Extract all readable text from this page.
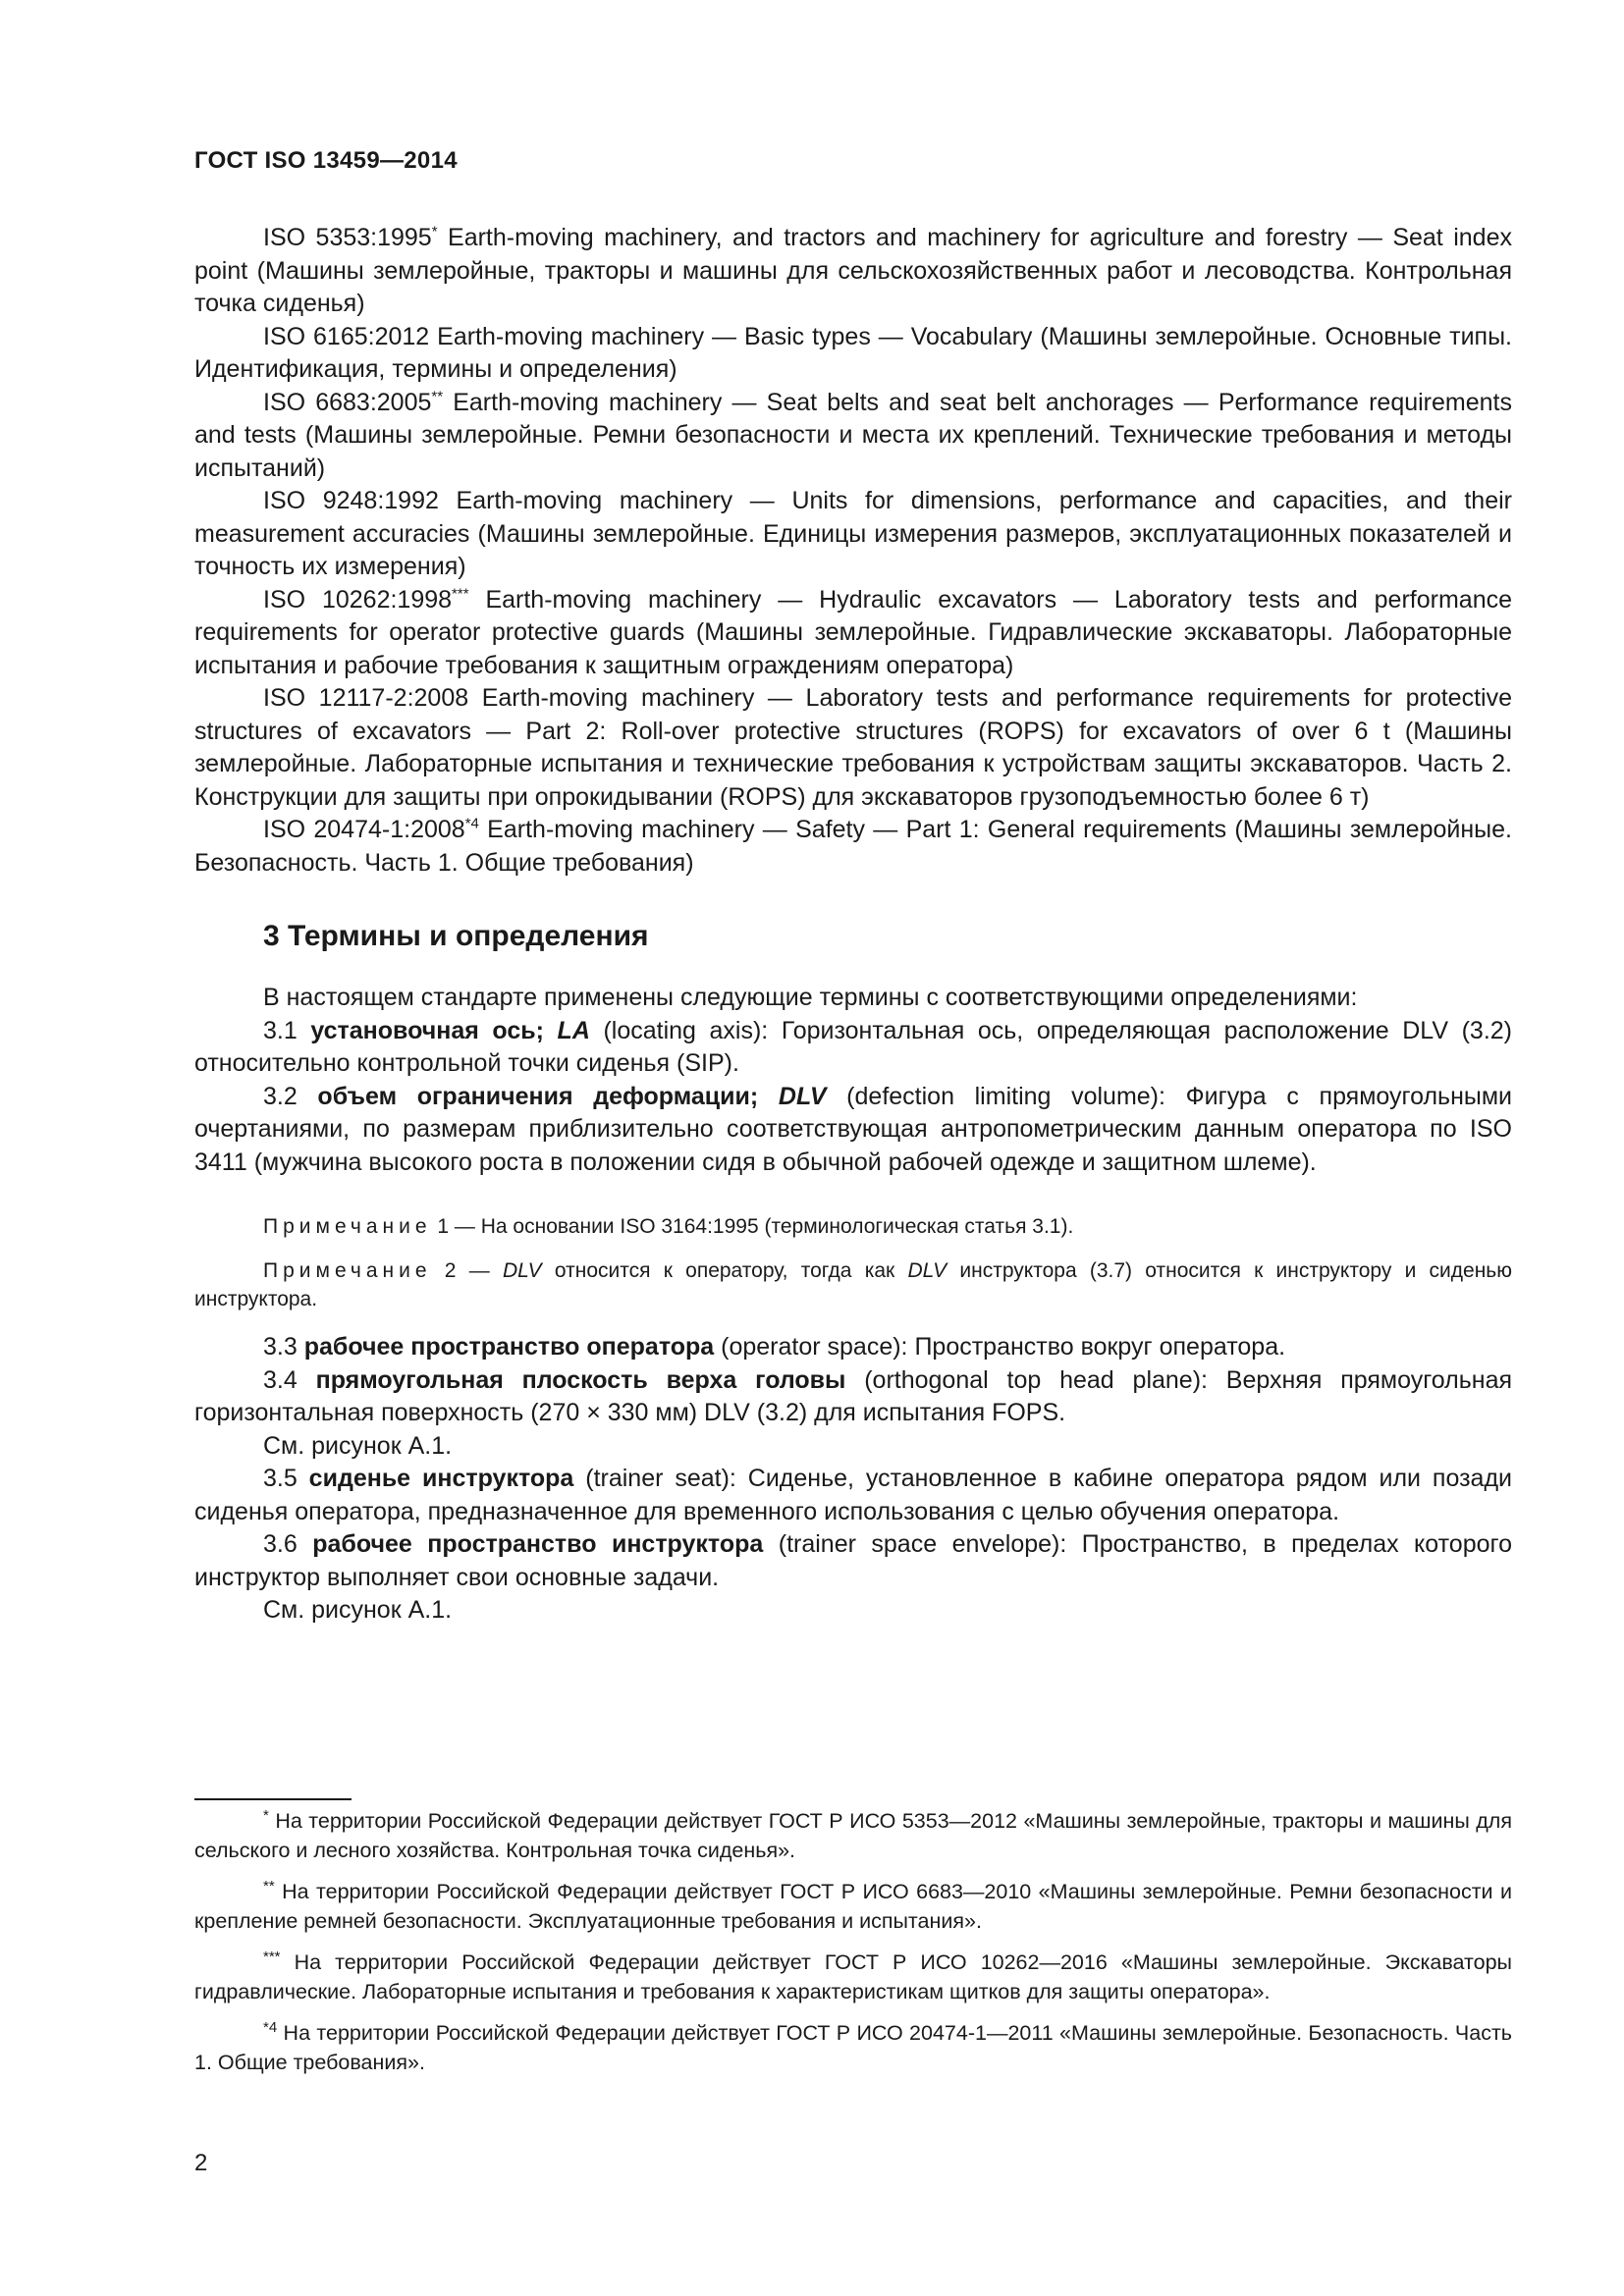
ГОСТ ISO 13459—2014

ISO 5353:1995* Earth-moving machinery, and tractors and machinery for agriculture and forestry — Seat index point (Машины землеройные, тракторы и машины для сельскохозяйственных работ и лесоводства. Контрольная точка сиденья)

ISO 6165:2012 Earth-moving machinery — Basic types — Vocabulary (Машины землеройные. Основные типы. Идентификация, термины и определения)

ISO 6683:2005** Earth-moving machinery — Seat belts and seat belt anchorages — Performance requirements and tests (Машины землеройные. Ремни безопасности и места их креплений. Технические требования и методы испытаний)

ISO 9248:1992 Earth-moving machinery — Units for dimensions, performance and capacities, and their measurement accuracies (Машины землеройные. Единицы измерения размеров, эксплуатационных показателей и точность их измерения)

ISO 10262:1998*** Earth-moving machinery — Hydraulic excavators — Laboratory tests and performance requirements for operator protective guards (Машины землеройные. Гидравлические экскаваторы. Лабораторные испытания и рабочие требования к защитным ограждениям оператора)

ISO 12117-2:2008 Earth-moving machinery — Laboratory tests and performance requirements for protective structures of excavators — Part 2: Roll-over protective structures (ROPS) for excavators of over 6 t (Машины землеройные. Лабораторные испытания и технические требования к устройствам защиты экскаваторов. Часть 2. Конструкции для защиты при опрокидывании (ROPS) для экскаваторов грузоподъемностью более 6 т)

ISO 20474-1:2008$^{*4}$ Earth-moving machinery — Safety — Part 1: General requirements (Машины землеройные. Безопасность. Часть 1. Общие требования)

3 Термины и определения

В настоящем стандарте применены следующие термины с соответствующими определениями:

3.1 установочная ось; LA (locating axis): Горизонтальная ось, определяющая расположение DLV (3.2) относительно контрольной точки сиденья (SIP).

3.2 объем ограничения деформации; DLV (defection limiting volume): Фигура с прямоугольными очертаниями, по размерам приблизительно соответствующая антропометрическим данным оператора по ISO 3411 (мужчина высокого роста в положении сидя в обычной рабочей одежде и защитном шлеме).

Примечание 1 — На основании ISO 3164:1995 (терминологическая статья 3.1).

Примечание 2 — DLV относится к оператору, тогда как DLV инструктора (3.7) относится к инструктору и сиденью инструктора.

3.3 рабочее пространство оператора (operator space): Пространство вокруг оператора.

3.4 прямоугольная плоскость верха головы (orthogonal top head plane): Верхняя прямоугольная горизонтальная поверхность (270 × 330 мм) DLV (3.2) для испытания FOPS.

См. рисунок А.1.

3.5 сиденье инструктора (trainer seat): Сиденье, установленное в кабине оператора рядом или позади сиденья оператора, предназначенное для временного использования с целью обучения оператора.

3.6 рабочее пространство инструктора (trainer space envelope): Пространство, в пределах которого инструктор выполняет свои основные задачи.

См. рисунок А.1.

* На территории Российской Федерации действует ГОСТ Р ИСО 5353—2012 «Машины землеройные, тракторы и машины для сельского и лесного хозяйства. Контрольная точка сиденья».

** На территории Российской Федерации действует ГОСТ Р ИСО 6683—2010 «Машины землеройные. Ремни безопасности и крепление ремней безопасности. Эксплуатационные требования и испытания».

*** На территории Российской Федерации действует ГОСТ Р ИСО 10262—2016 «Машины землеройные. Экскаваторы гидравлические. Лабораторные испытания и требования к характеристикам щитков для защиты оператора».

$^{*4}$ На территории Российской Федерации действует ГОСТ Р ИСО 20474-1—2011 «Машины землеройные. Безопасность. Часть 1. Общие требования».

2
